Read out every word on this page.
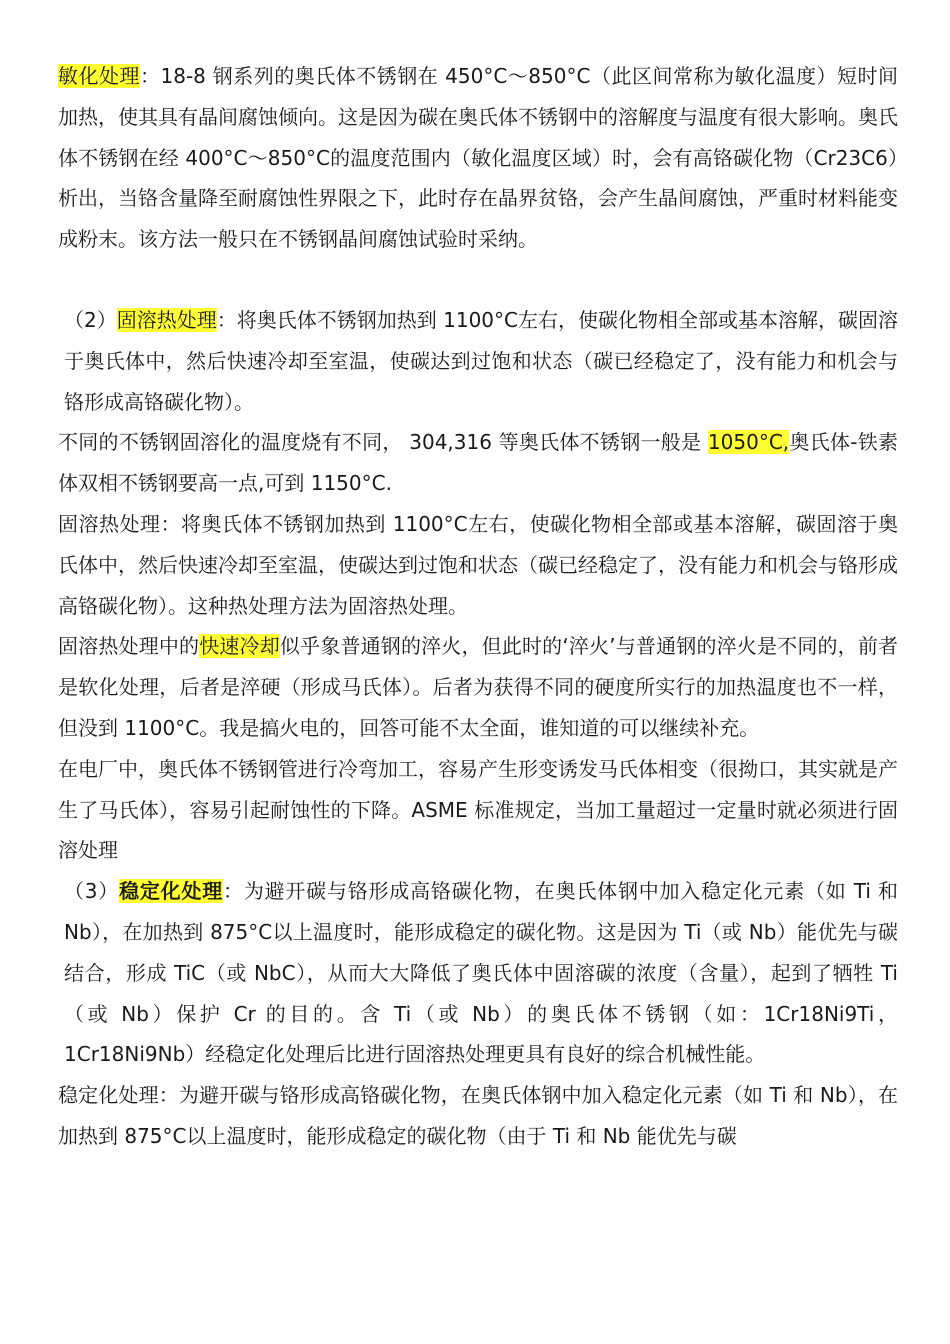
敏化处理：18-8 钢系列的奥氏体不锈钢在 450°C～850°C（此区间常称为敏化温度）短时间加热，使其具有晶间腐蚀倾向。这是因为碳在奥氏体不锈钢中的溶解度与温度有很大影响。奥氏体不锈钢在经 400°C～850°C的温度范围内（敏化温度区域）时，会有高铬碳化物（Cr23C6）析出，当铬含量降至耐腐蚀性界限之下，此时存在晶界贫铬，会产生晶间腐蚀，严重时材料能变成粉末。该方法一般只在不锈钢晶间腐蚀试验时采纳。

（2）固溶热处理：将奥氏体不锈钢加热到 1100°C左右，使碳化物相全部或基本溶解，碳固溶于奥氏体中，然后快速冷却至室温，使碳达到过饱和状态（碳已经稳定了，没有能力和机会与铬形成高铬碳化物）。

不同的不锈钢固溶化的温度烧有不同， 304,316 等奥氏体不锈钢一般是 1050°C,奥氏体-铁素体双相不锈钢要高一点,可到 1150°C.

固溶热处理：将奥氏体不锈钢加热到 1100°C左右，使碳化物相全部或基本溶解，碳固溶于奥氏体中，然后快速冷却至室温，使碳达到过饱和状态（碳已经稳定了，没有能力和机会与铬形成高铬碳化物）。这种热处理方法为固溶热处理。

固溶热处理中的快速冷却似乎象普通钢的淬火，但此时的‘淬火’与普通钢的淬火是不同的，前者是软化处理，后者是淬硬（形成马氏体）。后者为获得不同的硬度所实行的加热温度也不一样，但没到 1100°C。我是搞火电的，回答可能不太全面，谁知道的可以继续补充。

在电厂中，奥氏体不锈钢管进行冷弯加工，容易产生形变诱发马氏体相变（很拗口，其实就是产生了马氏体），容易引起耐蚀性的下降。ASME 标准规定，当加工量超过一定量时就必须进行固溶处理

（3）稳定化处理：为避开碳与铬形成高铬碳化物，在奥氏体钢中加入稳定化元素（如 Ti 和 Nb），在加热到 875°C以上温度时，能形成稳定的碳化物。这是因为 Ti（或 Nb）能优先与碳结合，形成 TiC（或 NbC），从而大大降低了奥氏体中固溶碳的浓度（含量），起到了牺牲 Ti（或 Nb）保护 Cr 的目的。含 Ti（或 Nb）的奥氏体不锈钢（如：1Cr18Ni9Ti，1Cr18Ni9Nb）经稳定化处理后比进行固溶热处理更具有良好的综合机械性能。

稳定化处理：为避开碳与铬形成高铬碳化物，在奥氏体钢中加入稳定化元素（如 Ti 和 Nb），在加热到 875°C以上温度时，能形成稳定的碳化物（由于 Ti 和 Nb 能优先与碳
